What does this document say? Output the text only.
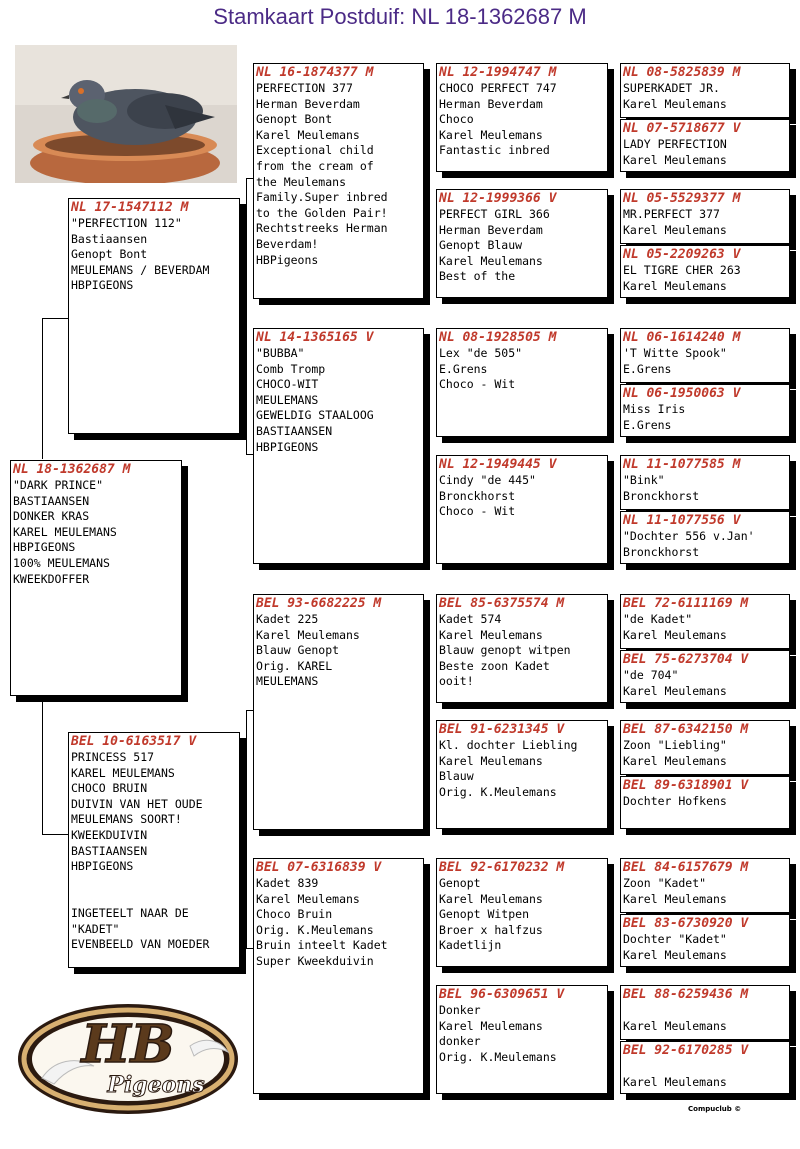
Stamkaart Postduif: NL 18-1362687 M
NL 18-1362687 M
"DARK PRINCE"
BASTIAANSEN
DONKER KRAS
KAREL MEULEMANS
HBPIGEONS
100% MEULEMANS
KWEEKDOFFER
NL 17-1547112 M
"PERFECTION 112"
Bastiaansen
Genopt Bont
MEULEMANS / BEVERDAM
HBPIGEONS
BEL 10-6163517 V
PRINCESS 517
KAREL MEULEMANS
CHOCO BRUIN
DUIVIN VAN HET OUDE
MEULEMANS SOORT!
KWEEKDUIVIN
BASTIAANSEN
HBPIGEONS

INGETEELT NAAR DE
"KADET"
EVENBEELD VAN MOEDER
NL 16-1874377 M
PERFECTION 377
Herman Beverdam
Genopt Bont
Karel Meulemans
Exceptional child
from the cream of
the Meulemans
Family.Super inbred
to the Golden Pair!
Rechtstreeks Herman
Beverdam!
HBPigeons
NL 14-1365165 V
"BUBBA"
Comb Tromp
CHOCO-WIT
MEULEMANS
GEWELDIG STAALOOG
BASTIAANSEN
HBPIGEONS
BEL 93-6682225 M
Kadet 225
Karel Meulemans
Blauw Genopt
Orig. KAREL
MEULEMANS
BEL 07-6316839 V
Kadet 839
Karel Meulemans
Choco Bruin
Orig. K.Meulemans
Bruin inteelt Kadet
Super Kweekduivin
NL 12-1994747 M
CHOCO PERFECT 747
Herman Beverdam
Choco
Karel Meulemans
Fantastic inbred
NL 12-1999366 V
PERFECT GIRL 366
Herman Beverdam
Genopt Blauw
Karel Meulemans
Best of the
NL 08-1928505 M
Lex "de 505"
E.Grens
Choco - Wit
NL 12-1949445 V
Cindy "de 445"
Bronckhorst
Choco - Wit
BEL 85-6375574 M
Kadet 574
Karel Meulemans
Blauw genopt witpen
Beste zoon Kadet
ooit!
BEL 91-6231345 V
Kl. dochter Liebling
Karel Meulemans
Blauw
Orig. K.Meulemans
BEL 92-6170232 M
Genopt
Karel Meulemans
Genopt Witpen
Broer x halfzus
Kadetlijn
BEL 96-6309651 V
Donker
Karel Meulemans
donker
Orig. K.Meulemans
NL 08-5825839 M
SUPERKADET JR.
Karel Meulemans
NL 07-5718677 V
LADY PERFECTION
Karel Meulemans
NL 05-5529377 M
MR.PERFECT 377
Karel Meulemans
NL 05-2209263 V
EL TIGRE CHER 263
Karel Meulemans
NL 06-1614240 M
'T Witte Spook"
E.Grens
NL 06-1950063 V
Miss Iris
E.Grens
NL 11-1077585 M
"Bink"
Bronckhorst
NL 11-1077556 V
"Dochter 556 v.Jan'
Bronckhorst
BEL 72-6111169 M
"de Kadet"
Karel Meulemans
BEL 75-6273704 V
"de 704"
Karel Meulemans
BEL 87-6342150 M
Zoon "Liebling"
Karel Meulemans
BEL 89-6318901 V
Dochter Hofkens
BEL 84-6157679 M
Zoon "Kadet"
Karel Meulemans
BEL 83-6730920 V
Dochter "Kadet"
Karel Meulemans
BEL 88-6259436 M

Karel Meulemans
BEL 92-6170285 V

Karel Meulemans
HB
Pigeons
Compuclub ©
